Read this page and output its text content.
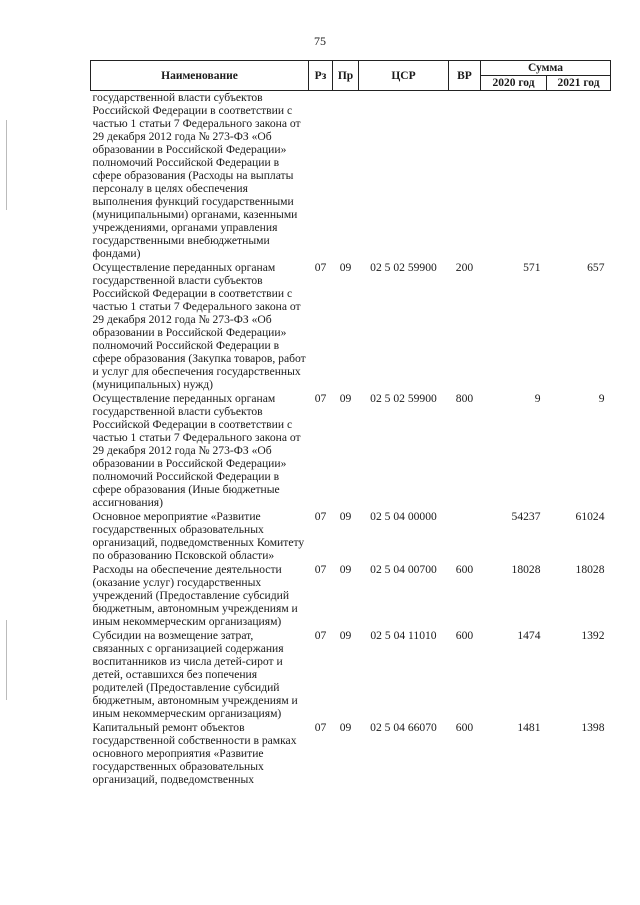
75
Наименование	Рз	Пр	ЦСР	ВР	Сумма	
					2020 год	2021 год
государственной власти субъектов Российской Федерации в соответствии с частью 1 статьи 7 Федерального закона от 29 декабря 2012 года № 273-ФЗ «Об образовании в Российской Федерации» полномочий Российской Федерации в сфере образования (Расходы на выплаты персоналу в целях обеспечения выполнения функций государственными (муниципальными) органами, казенными учреждениями, органами управления государственными внебюджетными фондами)						
Осуществление переданных органам государственной власти субъектов Российской Федерации в соответствии с частью 1 статьи 7 Федерального закона от 29 декабря 2012 года № 273-ФЗ «Об образовании в Российской Федерации» полномочий Российской Федерации в сфере образования (Закупка товаров, работ и услуг для обеспечения государственных (муниципальных) нужд)	07	09	02 5 02 59900	200	571	657
Осуществление переданных органам государственной власти субъектов Российской Федерации в соответствии с частью 1 статьи 7 Федерального закона от 29 декабря 2012 года № 273-ФЗ «Об образовании в Российской Федерации» полномочий Российской Федерации в сфере образования (Иные бюджетные ассигнования)	07	09	02 5 02 59900	800	9	9
Основное мероприятие «Развитие государственных образовательных организаций, подведомственных Комитету по образованию Псковской области»	07	09	02 5 04 00000		54237	61024
Расходы на обеспечение деятельности (оказание услуг) государственных учреждений (Предоставление субсидий бюджетным, автономным учреждениям и иным некоммерческим организациям)	07	09	02 5 04 00700	600	18028	18028
Субсидии на возмещение затрат, связанных с организацией содержания воспитанников из числа детей-сирот и детей, оставшихся без попечения родителей (Предоставление субсидий бюджетным, автономным учреждениям и иным некоммерческим организациям)	07	09	02 5 04 11010	600	1474	1392
Капитальный ремонт объектов государственной собственности в рамках основного мероприятия «Развитие государственных образовательных организаций, подведомственных	07	09	02 5 04 66070	600	1481	1398
